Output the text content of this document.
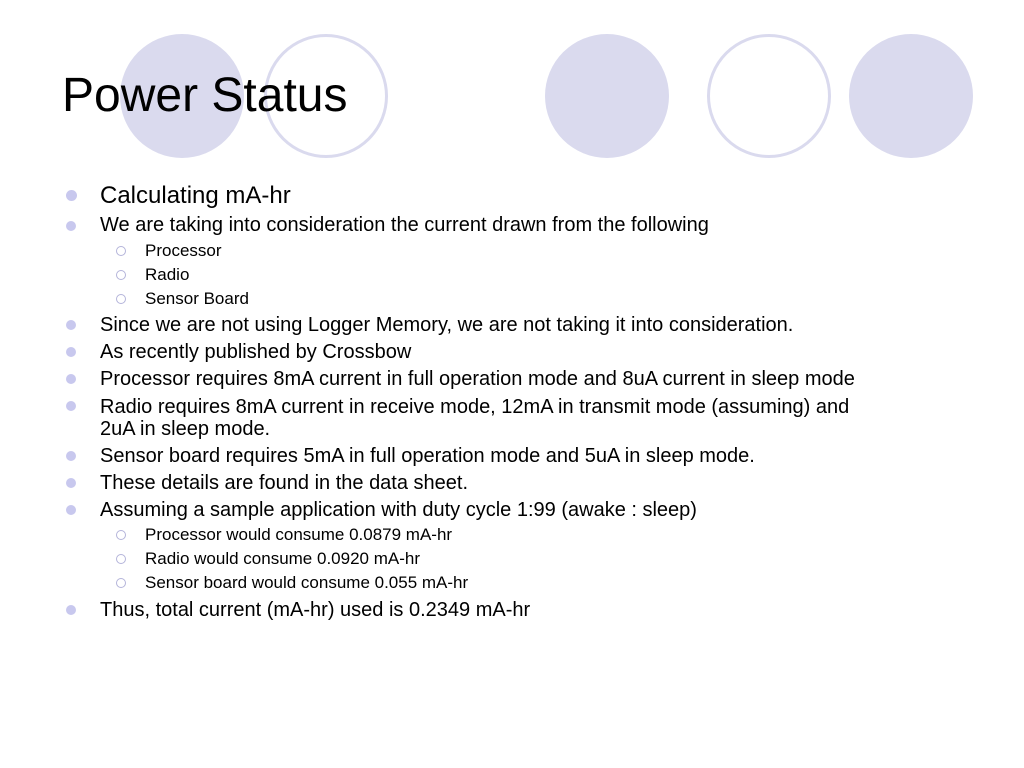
Power Status
Calculating mA-hr
We are taking into consideration the current drawn from the following
Processor
Radio
Sensor Board
Since we are not using Logger Memory, we are not taking it into consideration.
As recently published by Crossbow
Processor requires 8mA current in full operation mode and 8uA current in sleep mode
Radio requires 8mA current in receive mode, 12mA in transmit mode (assuming) and
2uA in sleep mode.
Sensor board requires 5mA in full operation mode and 5uA in sleep mode.
These details are found in the data sheet.
Assuming a sample application with duty cycle 1:99 (awake : sleep)
Processor would consume 0.0879 mA-hr
Radio would consume 0.0920 mA-hr
Sensor board would consume 0.055 mA-hr
Thus, total current (mA-hr) used is 0.2349 mA-hr
